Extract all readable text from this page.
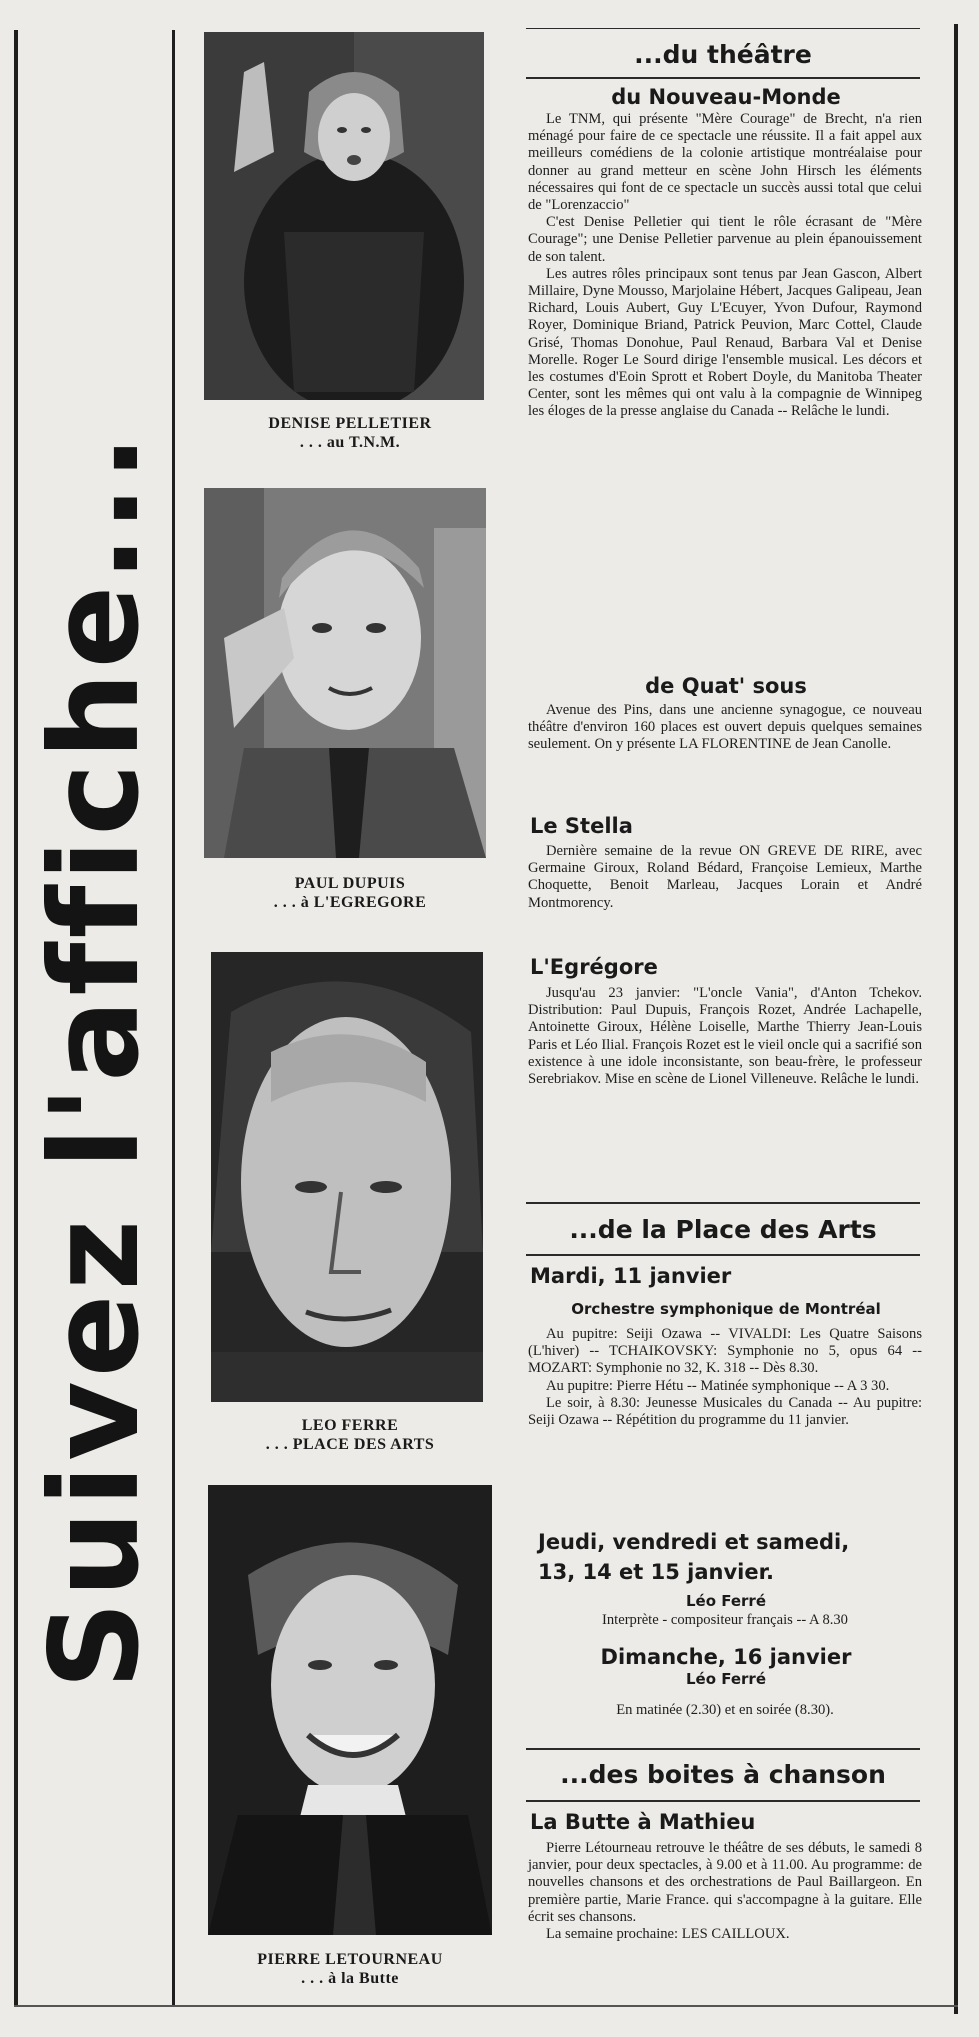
Suivez l'affiche...
DENISE PELLETIER
. . . au T.N.M.
PAUL DUPUIS
. . . à L'EGREGORE
LEO FERRE
. . . PLACE DES ARTS
PIERRE LETOURNEAU
. . . à la Butte
...du théâtre
du Nouveau-Monde

Le TNM, qui présente "Mère Courage" de Brecht, n'a rien ménagé pour faire de ce spectacle une réussite. Il a fait appel aux meilleurs comédiens de la colonie artistique montréalaise pour donner au grand metteur en scène John Hirsch les éléments nécessaires qui font de ce spectacle un succès aussi total que celui de "Lorenzaccio"

C'est Denise Pelletier qui tient le rôle écrasant de "Mère Courage"; une Denise Pelletier parvenue au plein épanouissement de son talent.

Les autres rôles principaux sont tenus par Jean Gascon, Albert Millaire, Dyne Mousso, Marjolaine Hébert, Jacques Galipeau, Jean Richard, Louis Aubert, Guy L'Ecuyer, Yvon Dufour, Raymond Royer, Dominique Briand, Patrick Peuvion, Marc Cottel, Claude Grisé, Thomas Donohue, Paul Renaud, Barbara Val et Denise Morelle. Roger Le Sourd dirige l'ensemble musical. Les décors et les costumes d'Eoin Sprott et Robert Doyle, du Manitoba Theater Center, sont les mêmes qui ont valu à la compagnie de Winnipeg les éloges de la presse anglaise du Canada -- Relâche le lundi.

de Quat' sous

Avenue des Pins, dans une ancienne synagogue, ce nouveau théâtre d'environ 160 places est ouvert depuis quelques semaines seulement. On y présente LA FLORENTINE de Jean Canolle.

Le Stella

Dernière semaine de la revue ON GREVE DE RIRE, avec Germaine Giroux, Roland Bédard, Françoise Lemieux, Marthe Choquette, Benoit Marleau, Jacques Lorain et André Montmorency.

L'Egrégore

Jusqu'au 23 janvier: "L'oncle Vania", d'Anton Tchekov. Distribution: Paul Dupuis, François Rozet, Andrée Lachapelle, Antoinette Giroux, Hélène Loiselle, Marthe Thierry Jean-Louis Paris et Léo Ilial. François Rozet est le vieil oncle qui a sacrifié son existence à une idole inconsistante, son beau-frère, le professeur Serebriakov. Mise en scène de Lionel Villeneuve. Relâche le lundi.

...de la Place des Arts
Mardi, 11 janvier
Orchestre symphonique de Montréal

Au pupitre: Seiji Ozawa -- VIVALDI: Les Quatre Saisons (L'hiver) -- TCHAIKOVSKY: Symphonie no 5, opus 64 -- MOZART: Symphonie no 32, K. 318 -- Dès 8.30.

Au pupitre: Pierre Hétu -- Matinée symphonique -- A 3 30.

Le soir, à 8.30: Jeunesse Musicales du Canada -- Au pupitre: Seiji Ozawa -- Répétition du programme du 11 janvier.

Jeudi, vendredi et samedi,
13, 14 et 15 janvier.
Léo Ferré

Interprète - compositeur français -- A 8.30

Dimanche, 16 janvier
Léo Ferré

En matinée (2.30) et en soirée (8.30).

...des boites à chanson
La Butte à Mathieu

Pierre Létourneau retrouve le théâtre de ses débuts, le samedi 8 janvier, pour deux spectacles, à 9.00 et à 11.00. Au programme: de nouvelles chansons et des orchestrations de Paul Baillargeon. En première partie, Marie France. qui s'accompagne à la guitare. Elle écrit ses chansons.

La semaine prochaine: LES CAILLOUX.
